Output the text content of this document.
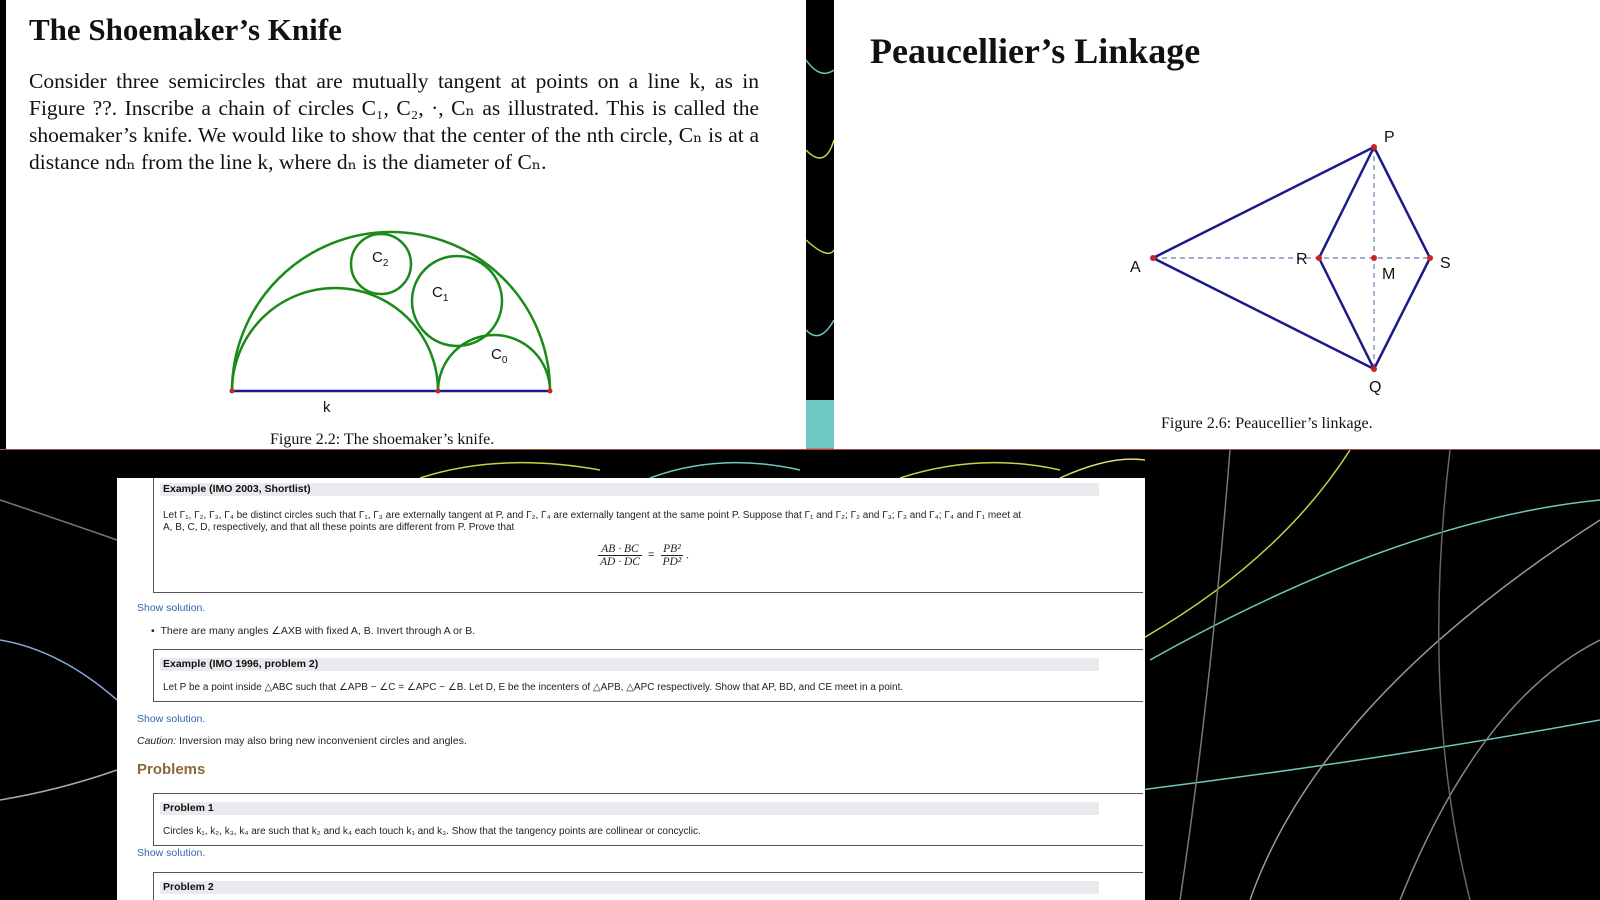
The Shoemaker’s Knife

Consider three semicircles that are mutually tangent at points on a line k, as in Figure ??. Inscribe a chain of circles C₁, C₂, ·, Cₙ as illustrated. This is called the shoemaker’s knife. We would like to show that the center of the nth circle, Cₙ is at a distance ndₙ from the line k, where dₙ is the diameter of Cₙ.

$C_2$
$C_1$
$C_0$
k
Figure 2.2: The shoemaker’s knife.
Peaucellier’s Linkage
P
A	R
M
S
Q
Figure 2.6: Peaucellier’s linkage.
Example (IMO 2003, Shortlist)
Let Γ₁, Γ₂, Γ₃, Γ₄ be distinct circles such that Γ₁, Γ₃ are externally tangent at P, and Γ₂, Γ₄ are externally tangent at the same point P. Suppose that Γ₁ and Γ₂; Γ₂ and Γ₃; Γ₃ and Γ₄; Γ₄ and Γ₁ meet at
A, B, C, D, respectively, and that all these points are different from P. Prove that
$\frac{AB \cdot BC}{AD \cdot DC} = \frac{\text{PB²}}{\text{PD²}}$ .
Show solution.
•  There are many angles ∠AXB with fixed A, B. Invert through A or B.
Example (IMO 1996, problem 2)
Let P be a point inside △ABC such that ∠APB − ∠C = ∠APC − ∠B. Let D, E be the incenters of △APB, △APC respectively. Show that AP, BD, and CE meet in a point.
Show solution.
Caution: Inversion may also bring new inconvenient circles and angles.
Problems
Problem 1
Circles k₁, k₂, k₃, k₄ are such that k₂ and k₄ each touch k₁ and k₃. Show that the tangency points are collinear or concyclic.
Show solution.
Problem 2
